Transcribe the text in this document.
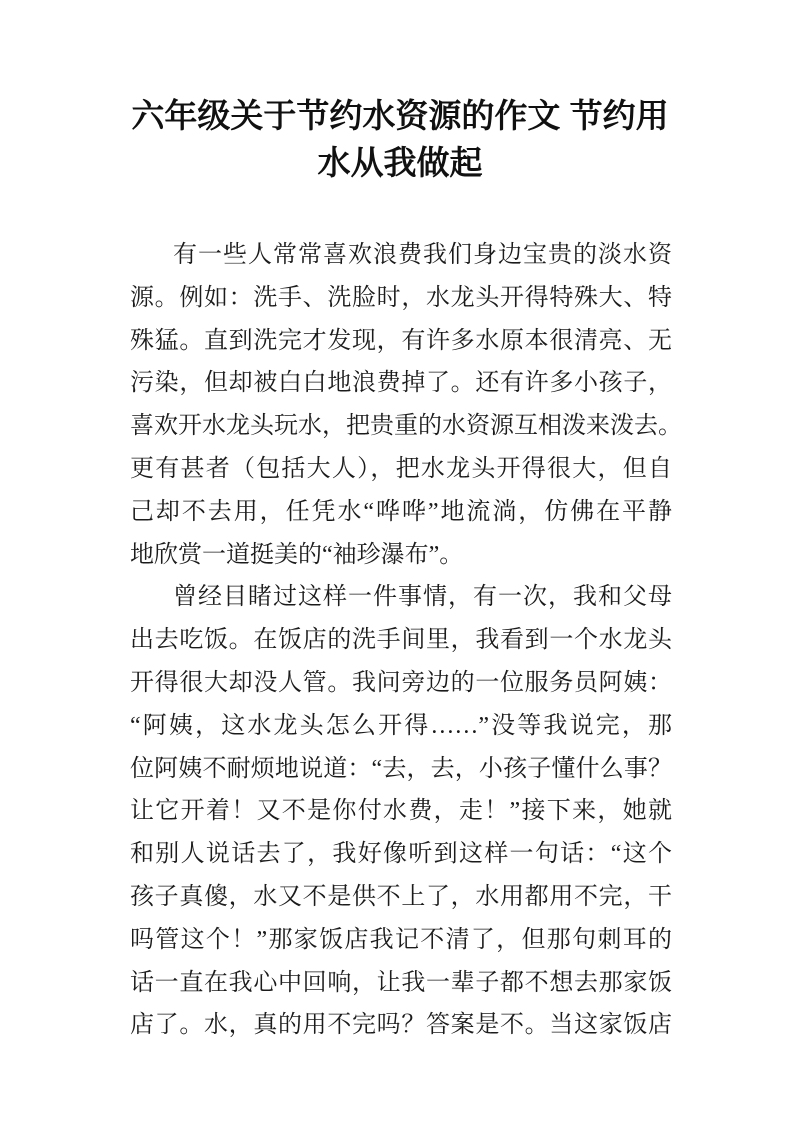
六年级关于节约水资源的作文 节约用
水从我做起
有一些人常常喜欢浪费我们身边宝贵的淡水资
源。例如：洗手、洗脸时，水龙头开得特殊大、特
殊猛。直到洗完才发现，有许多水原本很清亮、无
污染，但却被白白地浪费掉了。还有许多小孩子，
喜欢开水龙头玩水，把贵重的水资源互相泼来泼去。
更有甚者（包括大人），把水龙头开得很大，但自
己却不去用，任凭水“哗哗”地流淌，仿佛在平静
地欣赏一道挺美的“袖珍瀑布”。
曾经目睹过这样一件事情，有一次，我和父母
出去吃饭。在饭店的洗手间里，我看到一个水龙头
开得很大却没人管。我问旁边的一位服务员阿姨：
“阿姨，这水龙头怎么开得……”没等我说完，那
位阿姨不耐烦地说道：“去，去，小孩子懂什么事？
让它开着！又不是你付水费，走！”接下来，她就
和别人说话去了，我好像听到这样一句话：“这个
孩子真傻，水又不是供不上了，水用都用不完，干
吗管这个！”那家饭店我记不清了，但那句刺耳的
话一直在我心中回响，让我一辈子都不想去那家饭
店了。水，真的用不完吗？答案是不。当这家饭店
